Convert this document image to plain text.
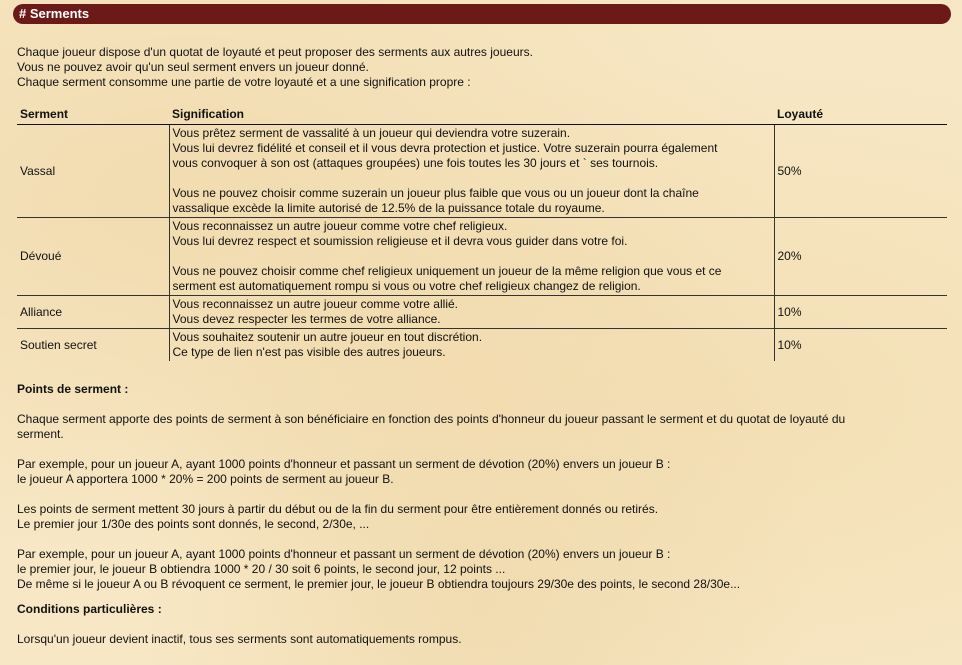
# Serments

Chaque joueur dispose d'un quotat de loyauté et peut proposer des serments aux autres joueurs.

Vous ne pouvez avoir qu'un seul serment envers un joueur donné.

Chaque serment consomme une partie de votre loyauté et a une signification propre :

Serment	Signification	Loyauté
Vassal	Vous prêtez serment de vassalité à un joueur qui deviendra votre suzerain.
Vous lui devrez fidélité et conseil et il vous devra protection et justice. Votre suzerain pourra également
vous convoquer à son ost (attaques groupées) une fois toutes les 30 jours et ` ses tournois.
Vous ne pouvez choisir comme suzerain un joueur plus faible que vous ou un joueur dont la chaîne
vassalique excède la limite autorisé de 12.5% de la puissance totale du royaume.	50%
Dévoué	Vous reconnaissez un autre joueur comme votre chef religieux.
Vous lui devrez respect et soumission religieuse et il devra vous guider dans votre foi.
Vous ne pouvez choisir comme chef religieux uniquement un joueur de la même religion que vous et ce
serment est automatiquement rompu si vous ou votre chef religieux changez de religion.	20%
Alliance	Vous reconnaissez un autre joueur comme votre allié.
Vous devez respecter les termes de votre alliance.	10%
Soutien secret	Vous souhaitez soutenir un autre joueur en tout discrétion.
Ce type de lien n'est pas visible des autres joueurs.	10%

Points de serment :

Chaque serment apporte des points de serment à son bénéficiaire en fonction des points d'honneur du joueur passant le serment et du quotat de loyauté du

serment.

Par exemple, pour un joueur A, ayant 1000 points d'honneur et passant un serment de dévotion (20%) envers un joueur B :

le joueur A apportera 1000 * 20% = 200 points de serment au joueur B.

Les points de serment mettent 30 jours à partir du début ou de la fin du serment pour être entièrement donnés ou retirés.

Le premier jour 1/30e des points sont donnés, le second, 2/30e, ...

Par exemple, pour un joueur A, ayant 1000 points d'honneur et passant un serment de dévotion (20%) envers un joueur B :

le premier jour, le joueur B obtiendra 1000 * 20 / 30 soit 6 points, le second jour, 12 points ...

De même si le joueur A ou B révoquent ce serment, le premier jour, le joueur B obtiendra toujours 29/30e des points, le second 28/30e...

Conditions particulières :

Lorsqu'un joueur devient inactif, tous ses serments sont automatiquements rompus.
